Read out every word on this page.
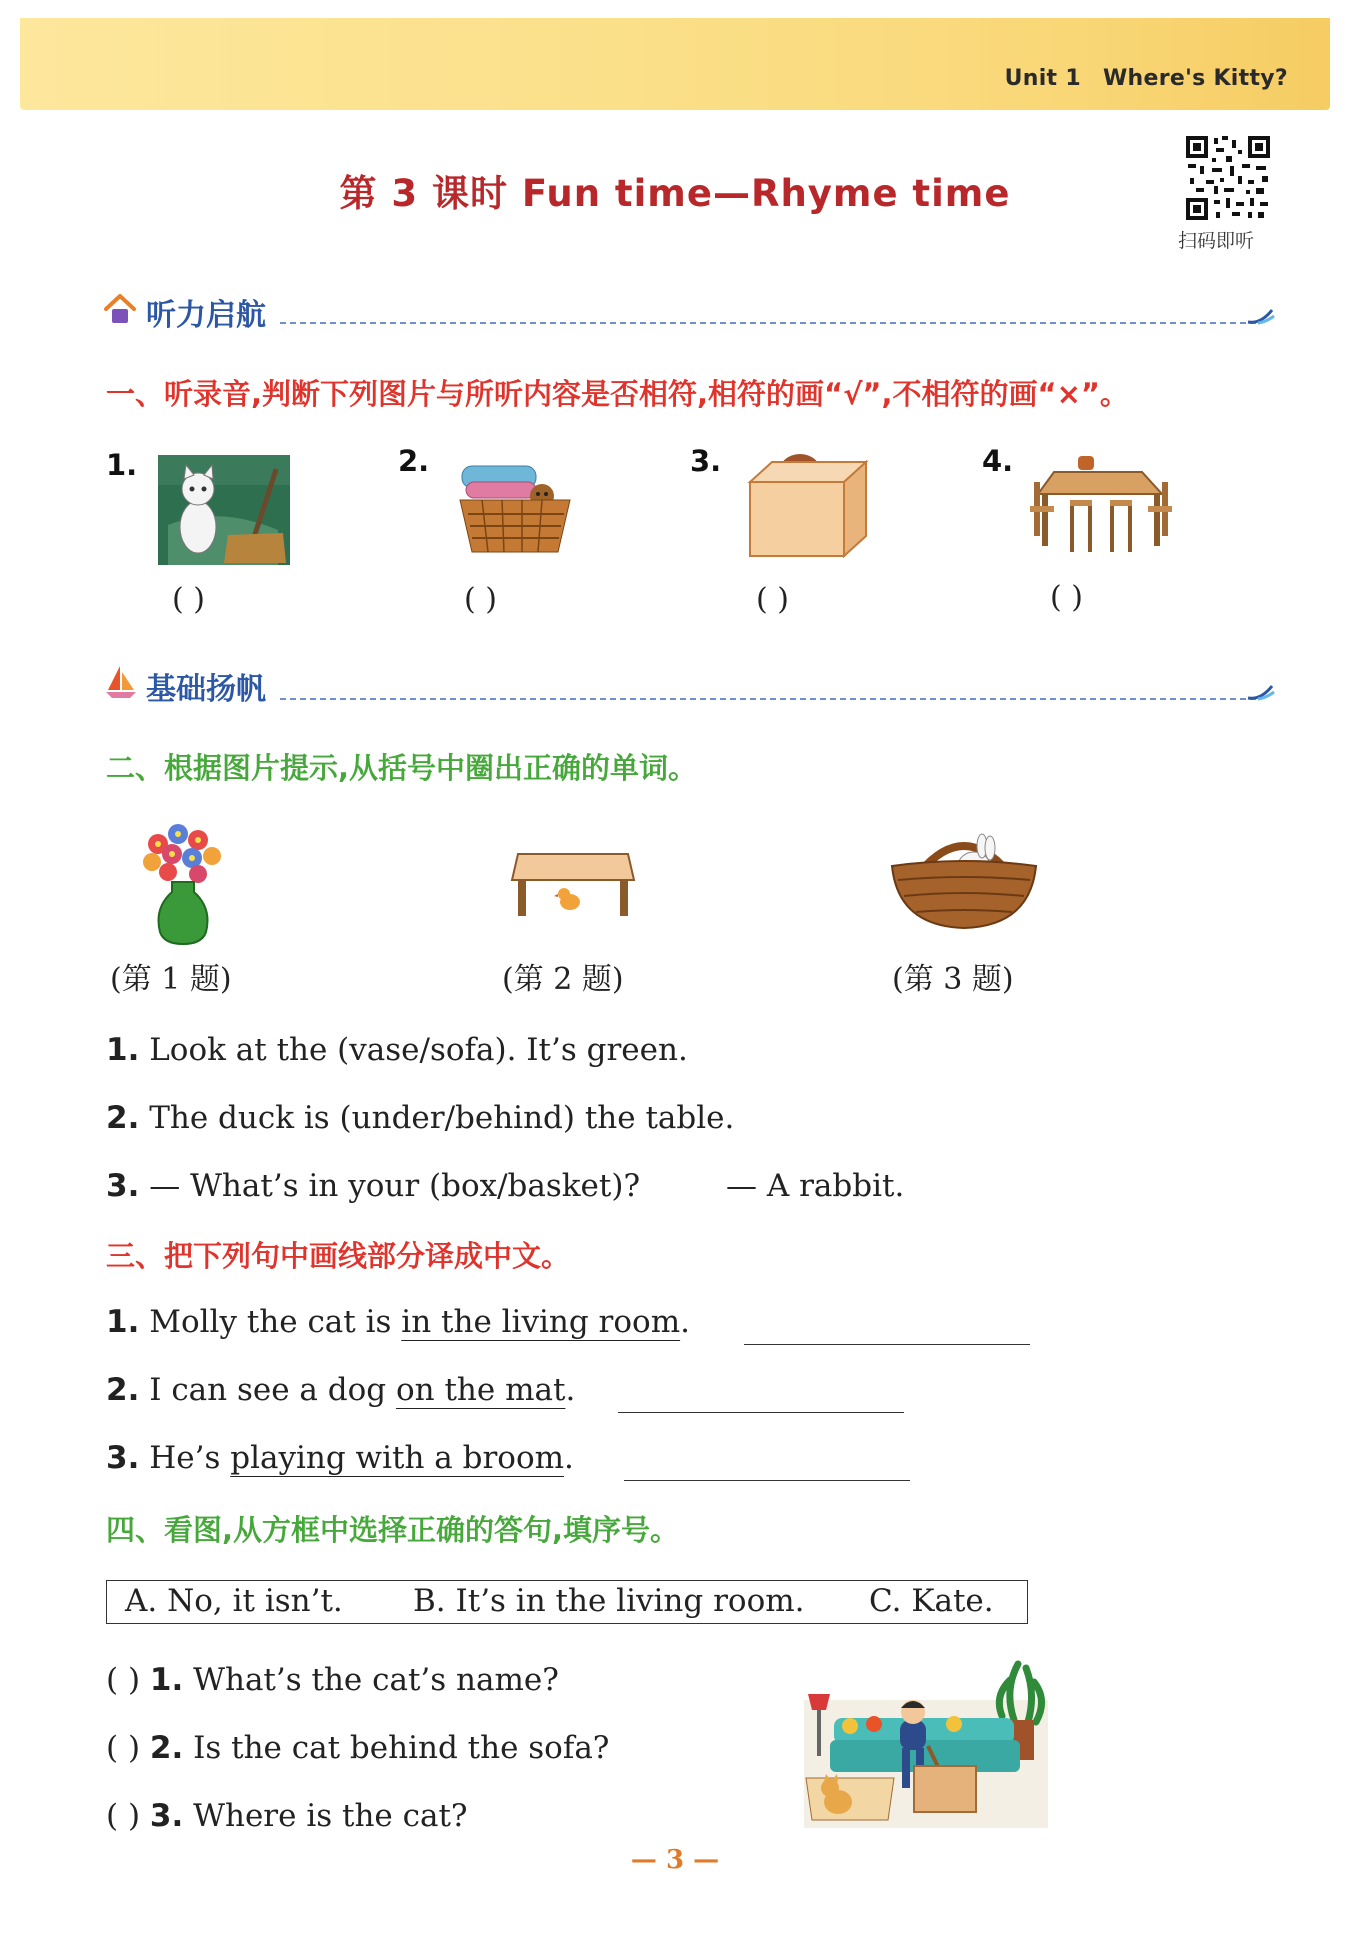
Unit 1 Where's Kitty?
第 3 课时 Fun time—Rhyme time
扫码即听
听力启航
一、听录音,判断下列图片与所听内容是否相符,相符的画“√”,不相符的画“×”。
1.
( )
2.
( )
3.
( )
4.
( )
基础扬帆
二、根据图片提示,从括号中圈出正确的单词。
(第 1 题)	(第 2 题)	(第 3 题)
1. Look at the (vase/sofa). It’s green.
2. The duck is (under/behind) the table.
3. — What’s in your (box/basket)?	— A rabbit.
三、把下列句中画线部分译成中文。
1. Molly the cat is in the living room.
2. I can see a dog on the mat.
3. He’s playing with a broom.
四、看图,从方框中选择正确的答句,填序号。
A. No, it isn’t. B. It’s in the living room. C. Kate.
( ) 1. What’s the cat’s name?
( ) 2. Is the cat behind the sofa?
( ) 3. Where is the cat?
— 3 —
